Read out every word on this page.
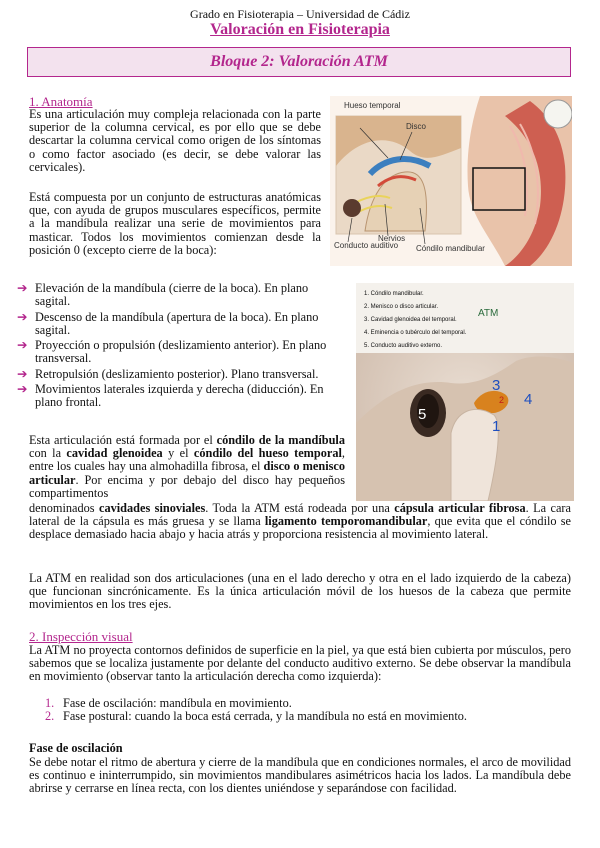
Grado en Fisioterapia – Universidad de Cádiz
Valoración en Fisioterapia
Bloque 2: Valoración ATM
1. Anatomía

Es una articulación muy compleja relacionada con la parte superior de la columna cervical, es por ello que se debe descartar la columna cervical como origen de los síntomas o como factor asociado (es decir, se debe valorar las cervicales).

Está compuesta por un conjunto de estructuras anatómicas que, con ayuda de grupos musculares específicos, permite a la mandíbula realizar una serie de movimientos para masticar. Todos los movimientos comienzan desde la posición 0 (excepto cierre de la boca):

➔ Elevación de la mandíbula (cierre de la boca). En plano sagital.
➔ Descenso de la mandíbula (apertura de la boca). En plano sagital.
➔ Proyección o propulsión (deslizamiento anterior). En plano transversal.
➔ Retropulsión (deslizamiento posterior). Plano transversal.
➔ Movimientos laterales izquierda y derecha (diducción). En plano frontal.

Esta articulación está formada por el cóndilo de la mandíbula con la cavidad glenoidea y el cóndilo del hueso temporal, entre los cuales hay una almohadilla fibrosa, el disco o menisco articular. Por encima y por debajo del disco hay pequeños compartimentos

denominados cavidades sinoviales. Toda la ATM está rodeada por una cápsula articular fibrosa. La cara lateral de la cápsula es más gruesa y se llama ligamento temporomandibular, que evita que el cóndilo se desplace demasiado hacia abajo y hacia atrás y proporciona resistencia al movimiento lateral.

La ATM en realidad son dos articulaciones (una en el lado derecho y otra en el lado izquierdo de la cabeza) que funcionan sincrónicamente. Es la única articulación móvil de los huesos de la cabeza que permite movimientos en los tres ejes.

Hueso temporal
Disco
Conducto auditivo
Nervios
Cóndilo mandibular
ATM
1. Cóndilo mandibular.
2. Menisco o disco articular.
3. Cavidad glenoidea del temporal.
4. Eminencia o tubérculo del temporal.
5. Conducto auditivo externo.
1
2
3
4
5
2. Inspección visual

La ATM no proyecta contornos definidos de superficie en la piel, ya que está bien cubierta por músculos, pero sabemos que se localiza justamente por delante del conducto auditivo externo. Se debe observar la mandíbula en movimiento (observar tanto la articulación derecha como izquierda):

1. Fase de oscilación: mandíbula en movimiento.
2. Fase postural: cuando la boca está cerrada, y la mandíbula no está en movimiento.
Fase de oscilación

Se debe notar el ritmo de abertura y cierre de la mandíbula que en condiciones normales, el arco de movilidad es continuo e ininterrumpido, sin movimientos mandibulares asimétricos hacia los lados. La mandíbula debe abrirse y cerrarse en línea recta, con los dientes uniéndose y separándose con facilidad.
